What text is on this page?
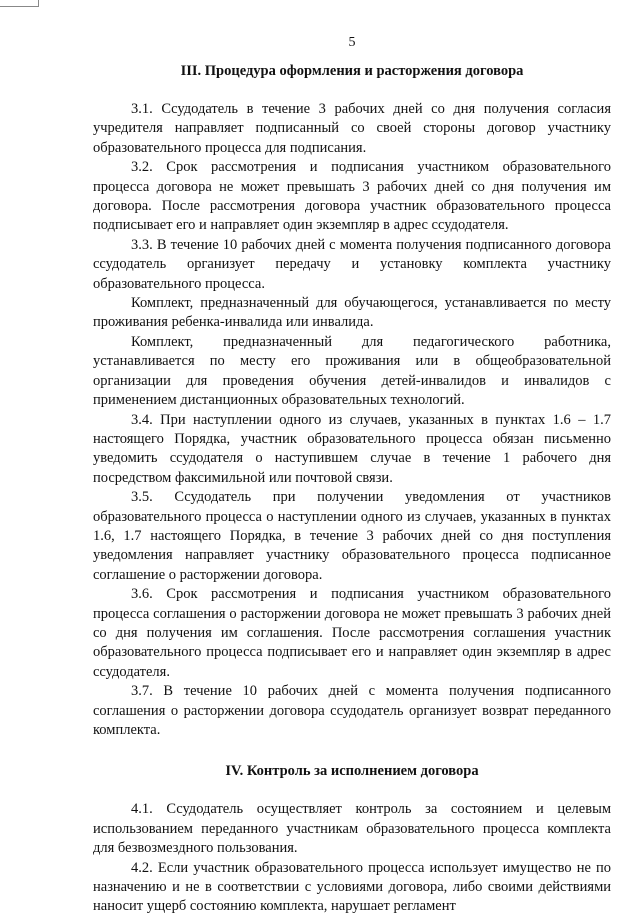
5
III. Процедура оформления и расторжения договора

3.1. Ссудодатель в течение 3 рабочих дней со дня получения согласия учредителя направляет подписанный со своей стороны договор участнику образовательного процесса для подписания.

3.2. Срок рассмотрения и подписания участником образовательного процесса договора не может превышать 3 рабочих дней со дня получения им договора. После рассмотрения договора участник образовательного процесса подписывает его и направляет один экземпляр в адрес ссудодателя.

3.3. В течение 10 рабочих дней с момента получения подписанного договора ссудодатель организует передачу и установку комплекта участнику образовательного процесса.

Комплект, предназначенный для обучающегося, устанавливается по месту проживания ребенка-инвалида или инвалида.

Комплект, предназначенный для педагогического работника, устанавливается по месту его проживания или в общеобразовательной организации для проведения обучения детей-инвалидов и инвалидов с применением дистанционных образовательных технологий.

3.4. При наступлении одного из случаев, указанных в пунктах 1.6 – 1.7 настоящего Порядка, участник образовательного процесса обязан письменно уведомить ссудодателя о наступившем случае в течение 1 рабочего дня посредством факсимильной или почтовой связи.

3.5. Ссудодатель при получении уведомления от участников образовательного процесса о наступлении одного из случаев, указанных в пунктах 1.6, 1.7 настоящего Порядка, в течение 3 рабочих дней со дня поступления уведомления направляет участнику образовательного процесса подписанное соглашение о расторжении договора.

3.6. Срок рассмотрения и подписания участником образовательного процесса соглашения о расторжении договора не может превышать 3 рабочих дней со дня получения им соглашения. После рассмотрения соглашения участник образовательного процесса подписывает его и направляет один экземпляр в адрес ссудодателя.

3.7. В течение 10 рабочих дней с момента получения подписанного соглашения о расторжении договора ссудодатель организует возврат переданного комплекта.

IV. Контроль за исполнением договора

4.1. Ссудодатель осуществляет контроль за состоянием и целевым использованием переданного участникам образовательного процесса комплекта для безвозмездного пользования.

4.2. Если участник образовательного процесса использует имущество не по назначению и не в соответствии с условиями договора, либо своими действиями наносит ущерб состоянию комплекта, нарушает регламент
